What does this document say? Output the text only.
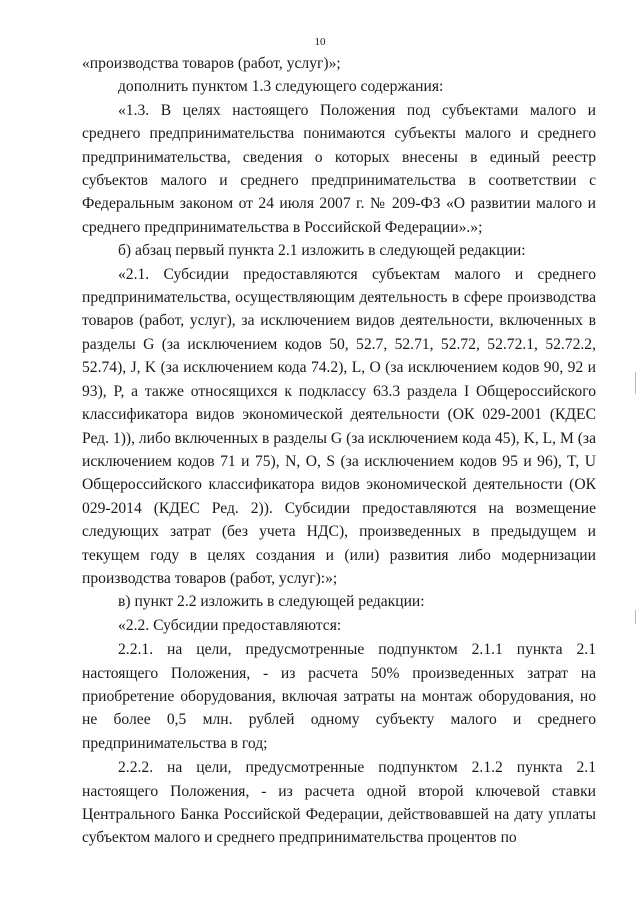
10

«производства товаров (работ, услуг)»;

дополнить пунктом 1.3 следующего содержания:

«1.3. В целях настоящего Положения под субъектами малого и среднего предпринимательства понимаются субъекты малого и среднего предпринимательства, сведения о которых внесены в единый реестр субъектов малого и среднего предпринимательства в соответствии с Федеральным законом от 24 июля 2007 г. № 209-ФЗ «О развитии малого и среднего предпринимательства в Российской Федерации».»;

б) абзац первый пункта 2.1 изложить в следующей редакции:

«2.1. Субсидии предоставляются субъектам малого и среднего предпринимательства, осуществляющим деятельность в сфере производства товаров (работ, услуг), за исключением видов деятельности, включенных в разделы G (за исключением кодов 50, 52.7, 52.71, 52.72, 52.72.1, 52.72.2, 52.74), J, K (за исключением кода 74.2), L, O (за исключением кодов 90, 92 и 93), P, а также относящихся к подклассу 63.3 раздела I Общероссийского классификатора видов экономической деятельности (ОК 029-2001 (КДЕС Ред. 1)), либо включенных в разделы G (за исключением кода 45), K, L, M (за исключением кодов 71 и 75), N, O, S (за исключением кодов 95 и 96), T, U Общероссийского классификатора видов экономической деятельности (ОК 029-2014 (КДЕС Ред. 2)). Субсидии предоставляются на возмещение следующих затрат (без учета НДС), произведенных в предыдущем и текущем году в целях создания и (или) развития либо модернизации производства товаров (работ, услуг):»;

в) пункт 2.2 изложить в следующей редакции:

«2.2. Субсидии предоставляются:

2.2.1. на цели, предусмотренные подпунктом 2.1.1 пункта 2.1 настоящего Положения, - из расчета 50% произведенных затрат на приобретение оборудования, включая затраты на монтаж оборудования, но не более 0,5 млн. рублей одному субъекту малого и среднего предпринимательства в год;

2.2.2. на цели, предусмотренные подпунктом 2.1.2 пункта 2.1 настоящего Положения, - из расчета одной второй ключевой ставки Центрального Банка Российской Федерации, действовавшей на дату уплаты субъектом малого и среднего предпринимательства процентов по
